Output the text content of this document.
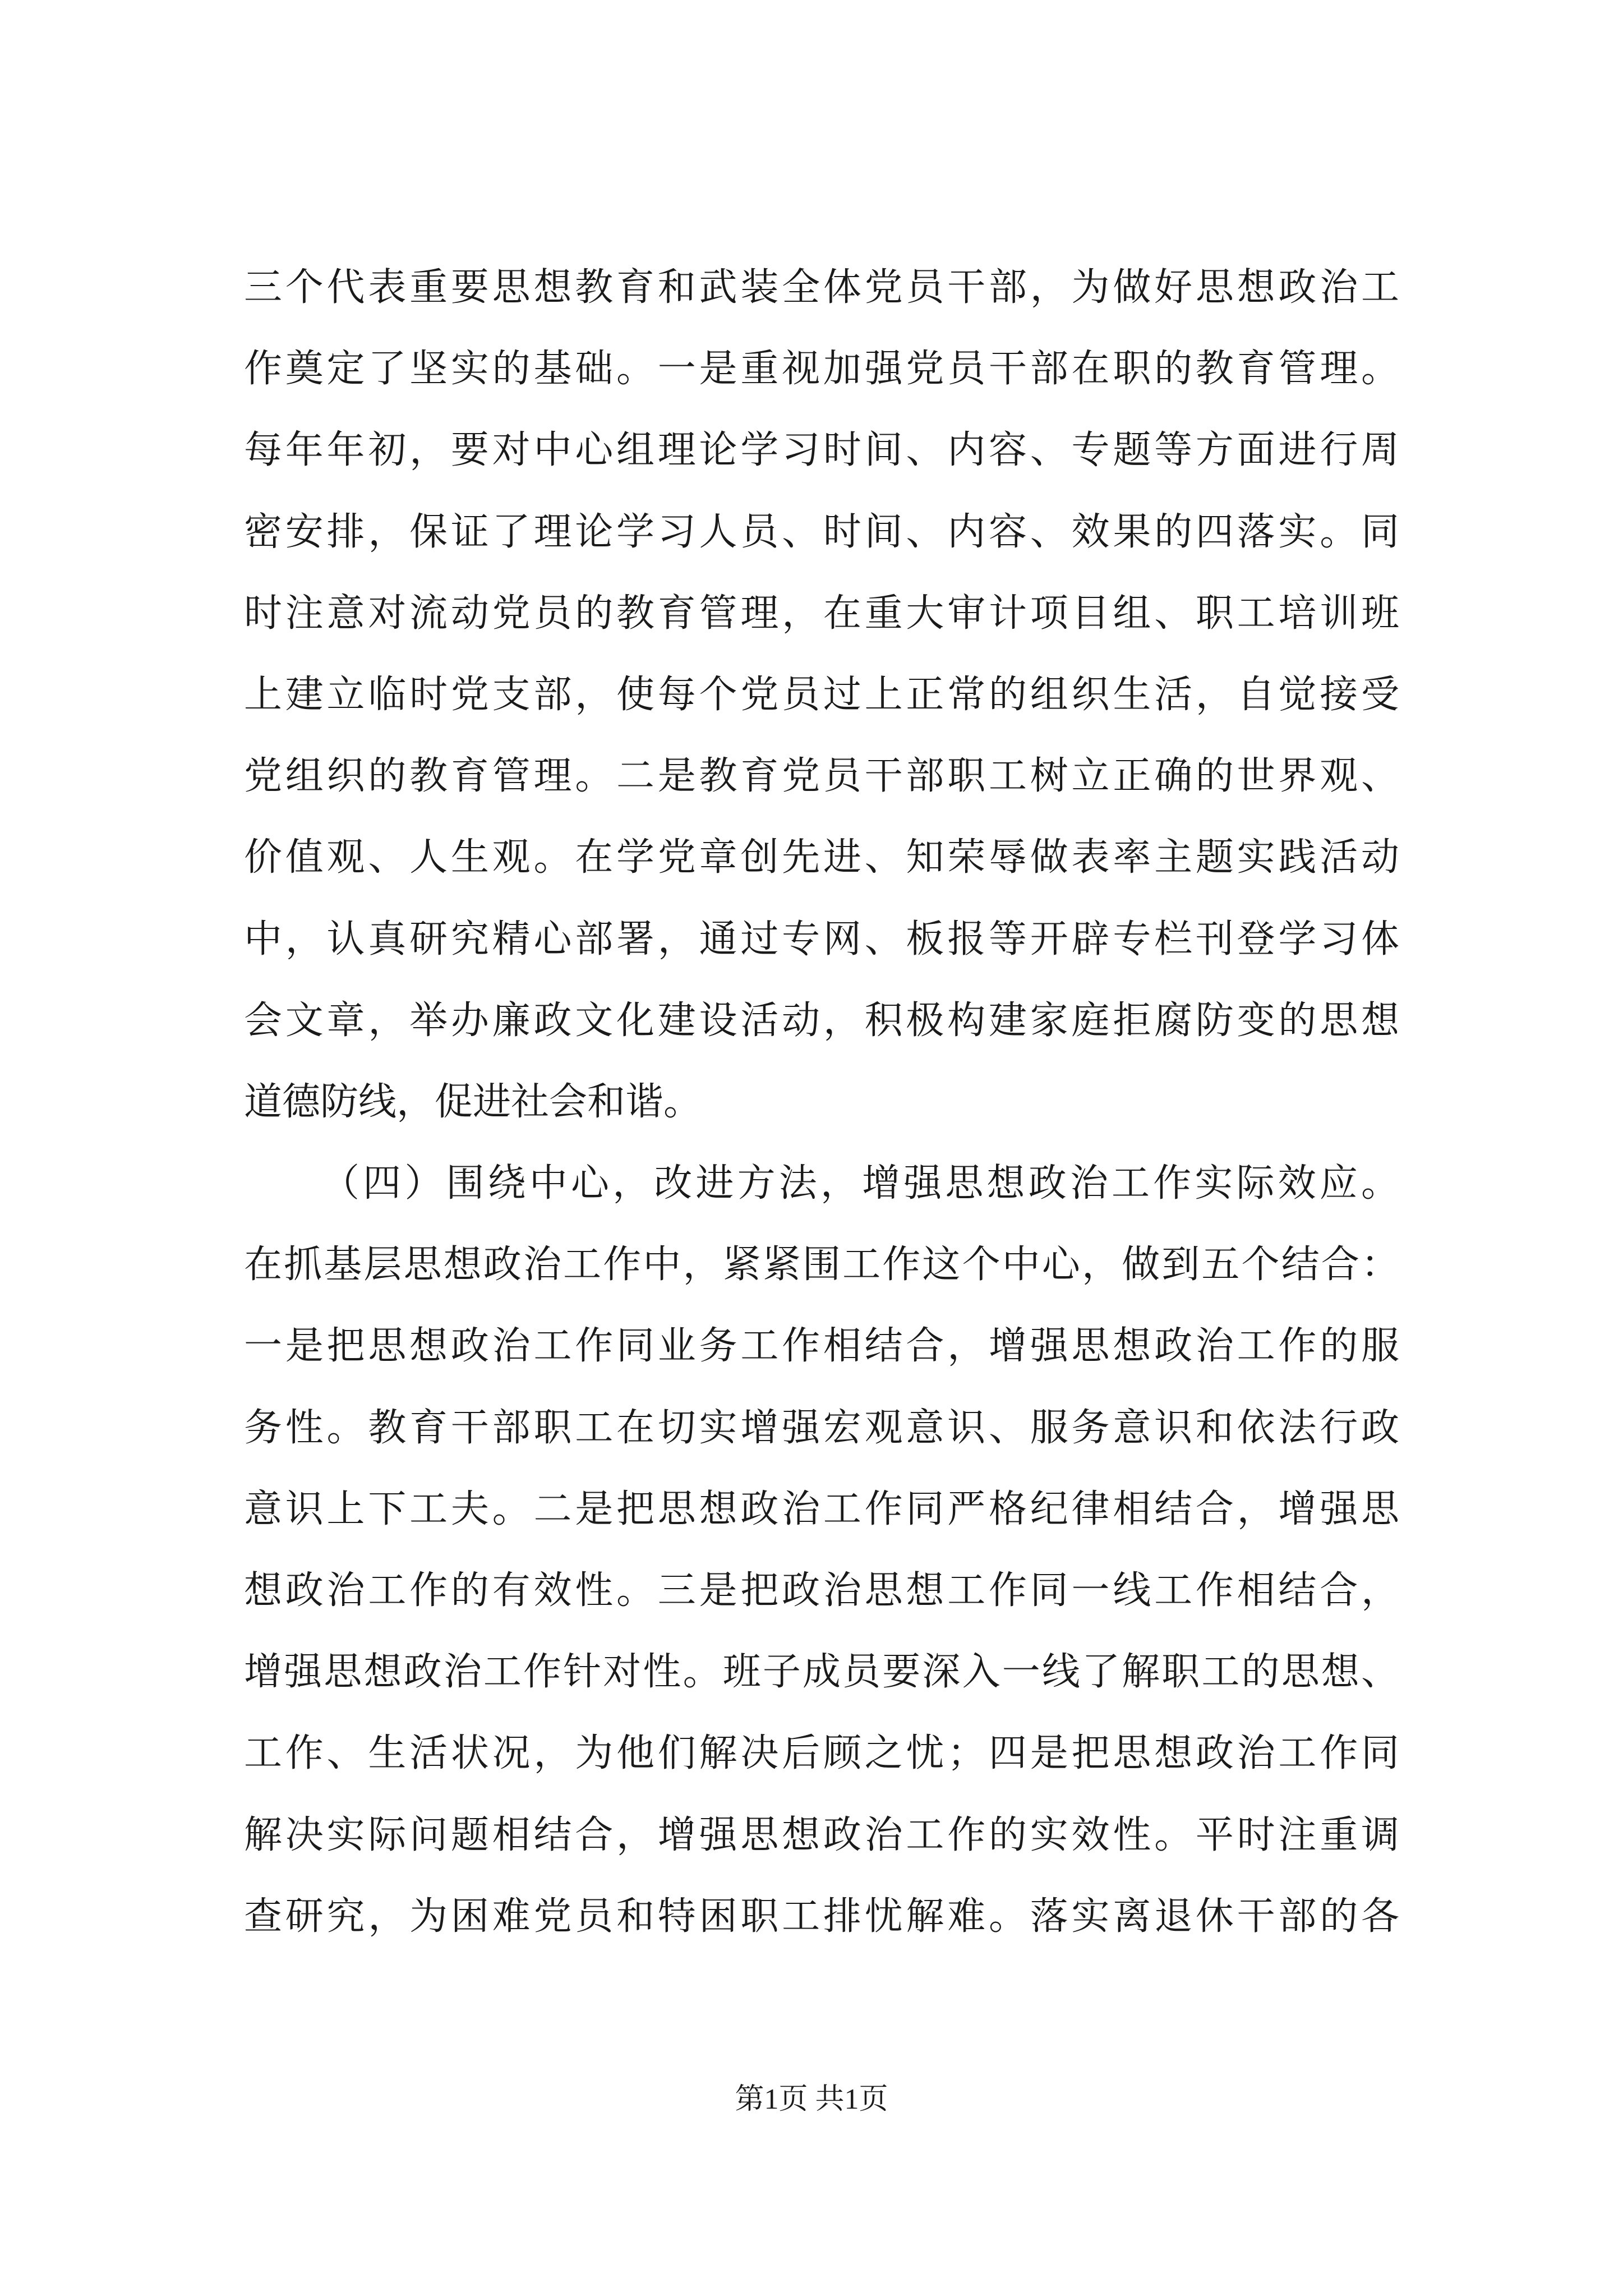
三个代表重要思想教育和武装全体党员干部，为做好思想政治工
作奠定了坚实的基础。一是重视加强党员干部在职的教育管理。
每年年初，要对中心组理论学习时间、内容、专题等方面进行周
密安排，保证了理论学习人员、时间、内容、效果的四落实。同
时注意对流动党员的教育管理，在重大审计项目组、职工培训班
上建立临时党支部，使每个党员过上正常的组织生活，自觉接受
党组织的教育管理。二是教育党员干部职工树立正确的世界观、
价值观、人生观。在学党章创先进、知荣辱做表率主题实践活动
中，认真研究精心部署，通过专网、板报等开辟专栏刊登学习体
会文章，举办廉政文化建设活动，积极构建家庭拒腐防变的思想
道德防线，促进社会和谐。
（四）围绕中心，改进方法，增强思想政治工作实际效应。
在抓基层思想政治工作中，紧紧围工作这个中心，做到五个结合：
一是把思想政治工作同业务工作相结合，增强思想政治工作的服
务性。教育干部职工在切实增强宏观意识、服务意识和依法行政
意识上下工夫。二是把思想政治工作同严格纪律相结合，增强思
想政治工作的有效性。三是把政治思想工作同一线工作相结合，
增强思想政治工作针对性。班子成员要深入一线了解职工的思想、
工作、生活状况，为他们解决后顾之忧；四是把思想政治工作同
解决实际问题相结合，增强思想政治工作的实效性。平时注重调
查研究，为困难党员和特困职工排忧解难。落实离退休干部的各
第1页 共1页
